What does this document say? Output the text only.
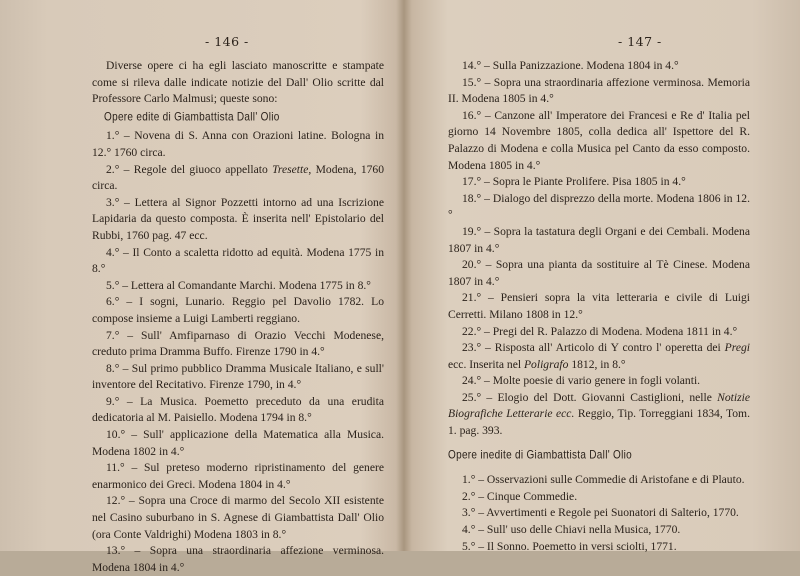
- 146 -

Diverse opere ci ha egli lasciato manoscritte e stampate come si rileva dalle indicate notizie del Dall' Olio scritte dal Professore Carlo Malmusi; queste sono:

Opere edite di Giambattista Dall' Olio

1.° – Novena di S. Anna con Orazioni latine. Bologna in 12.° 1760 circa.

2.° – Regole del giuoco appellato Tresette, Modena, 1760 circa.

3.° – Lettera al Signor Pozzetti intorno ad una Iscrizione Lapidaria da questo composta. È inserita nell' Epistolario del Rubbi, 1760 pag. 47 ecc.

4.° – Il Conto a scaletta ridotto ad equità. Modena 1775 in 8.°

5.° – Lettera al Comandante Marchi. Modena 1775 in 8.°

6.° – I sogni, Lunario. Reggio pel Davolio 1782. Lo compose insieme a Luigi Lamberti reggiano.

7.° – Sull' Amfiparnaso di Orazio Vecchi Modenese, creduto prima Dramma Buffo. Firenze 1790 in 4.°

8.° – Sul primo pubblico Dramma Musicale Italiano, e sull' inventore del Recitativo. Firenze 1790, in 4.°

9.° – La Musica. Poemetto preceduto da una erudita dedicatoria al M. Paisiello. Modena 1794 in 8.°

10.° – Sull' applicazione della Matematica alla Musica. Modena 1802 in 4.°

11.° – Sul preteso moderno ripristinamento del genere enarmonico dei Greci. Modena 1804 in 4.°

12.° – Sopra una Croce di marmo del Secolo XII esistente nel Casino suburbano in S. Agnese di Giambattista Dall' Olio (ora Conte Valdrighi) Modena 1803 in 8.°

13.° – Sopra una straordinaria affezione verminosa. Modena 1804 in 4.°

- 147 -

14.° – Sulla Panizzazione. Modena 1804 in 4.°

15.° – Sopra una straordinaria affezione verminosa. Memoria II. Modena 1805 in 4.°

16.° – Canzone all' Imperatore dei Francesi e Re d' Italia pel giorno 14 Novembre 1805, colla dedica all' Ispettore del R. Palazzo di Modena e colla Musica pel Canto da esso composto. Modena 1805 in 4.°

17.° – Sopra le Piante Prolifere. Pisa 1805 in 4.°

18.° – Dialogo del disprezzo della morte. Modena 1806 in 12.°

19.° – Sopra la tastatura degli Organi e dei Cembali. Modena 1807 in 4.°

20.° – Sopra una pianta da sostituire al Tè Cinese. Modena 1807 in 4.°

21.° – Pensieri sopra la vita letteraria e civile di Luigi Cerretti. Milano 1808 in 12.°

22.° – Pregi del R. Palazzo di Modena. Modena 1811 in 4.°

23.° – Risposta all' Articolo di Y contro l' operetta dei Pregi ecc. Inserita nel Poligrafo 1812, in 8.°

24.° – Molte poesie di vario genere in fogli volanti.

25.° – Elogio del Dott. Giovanni Castiglioni, nelle Notizie Biografiche Letterarie ecc. Reggio, Tip. Torreggiani 1834, Tom. 1. pag. 393.

Opere inedite di Giambattista Dall' Olio

1.° – Osservazioni sulle Commedie di Aristofane e di Plauto.

2.° – Cinque Commedie.

3.° – Avvertimenti e Regole pei Suonatori di Salterio, 1770.

4.° – Sull' uso delle Chiavi nella Musica, 1770.

5.° – Il Sonno. Poemetto in versi sciolti, 1771.
